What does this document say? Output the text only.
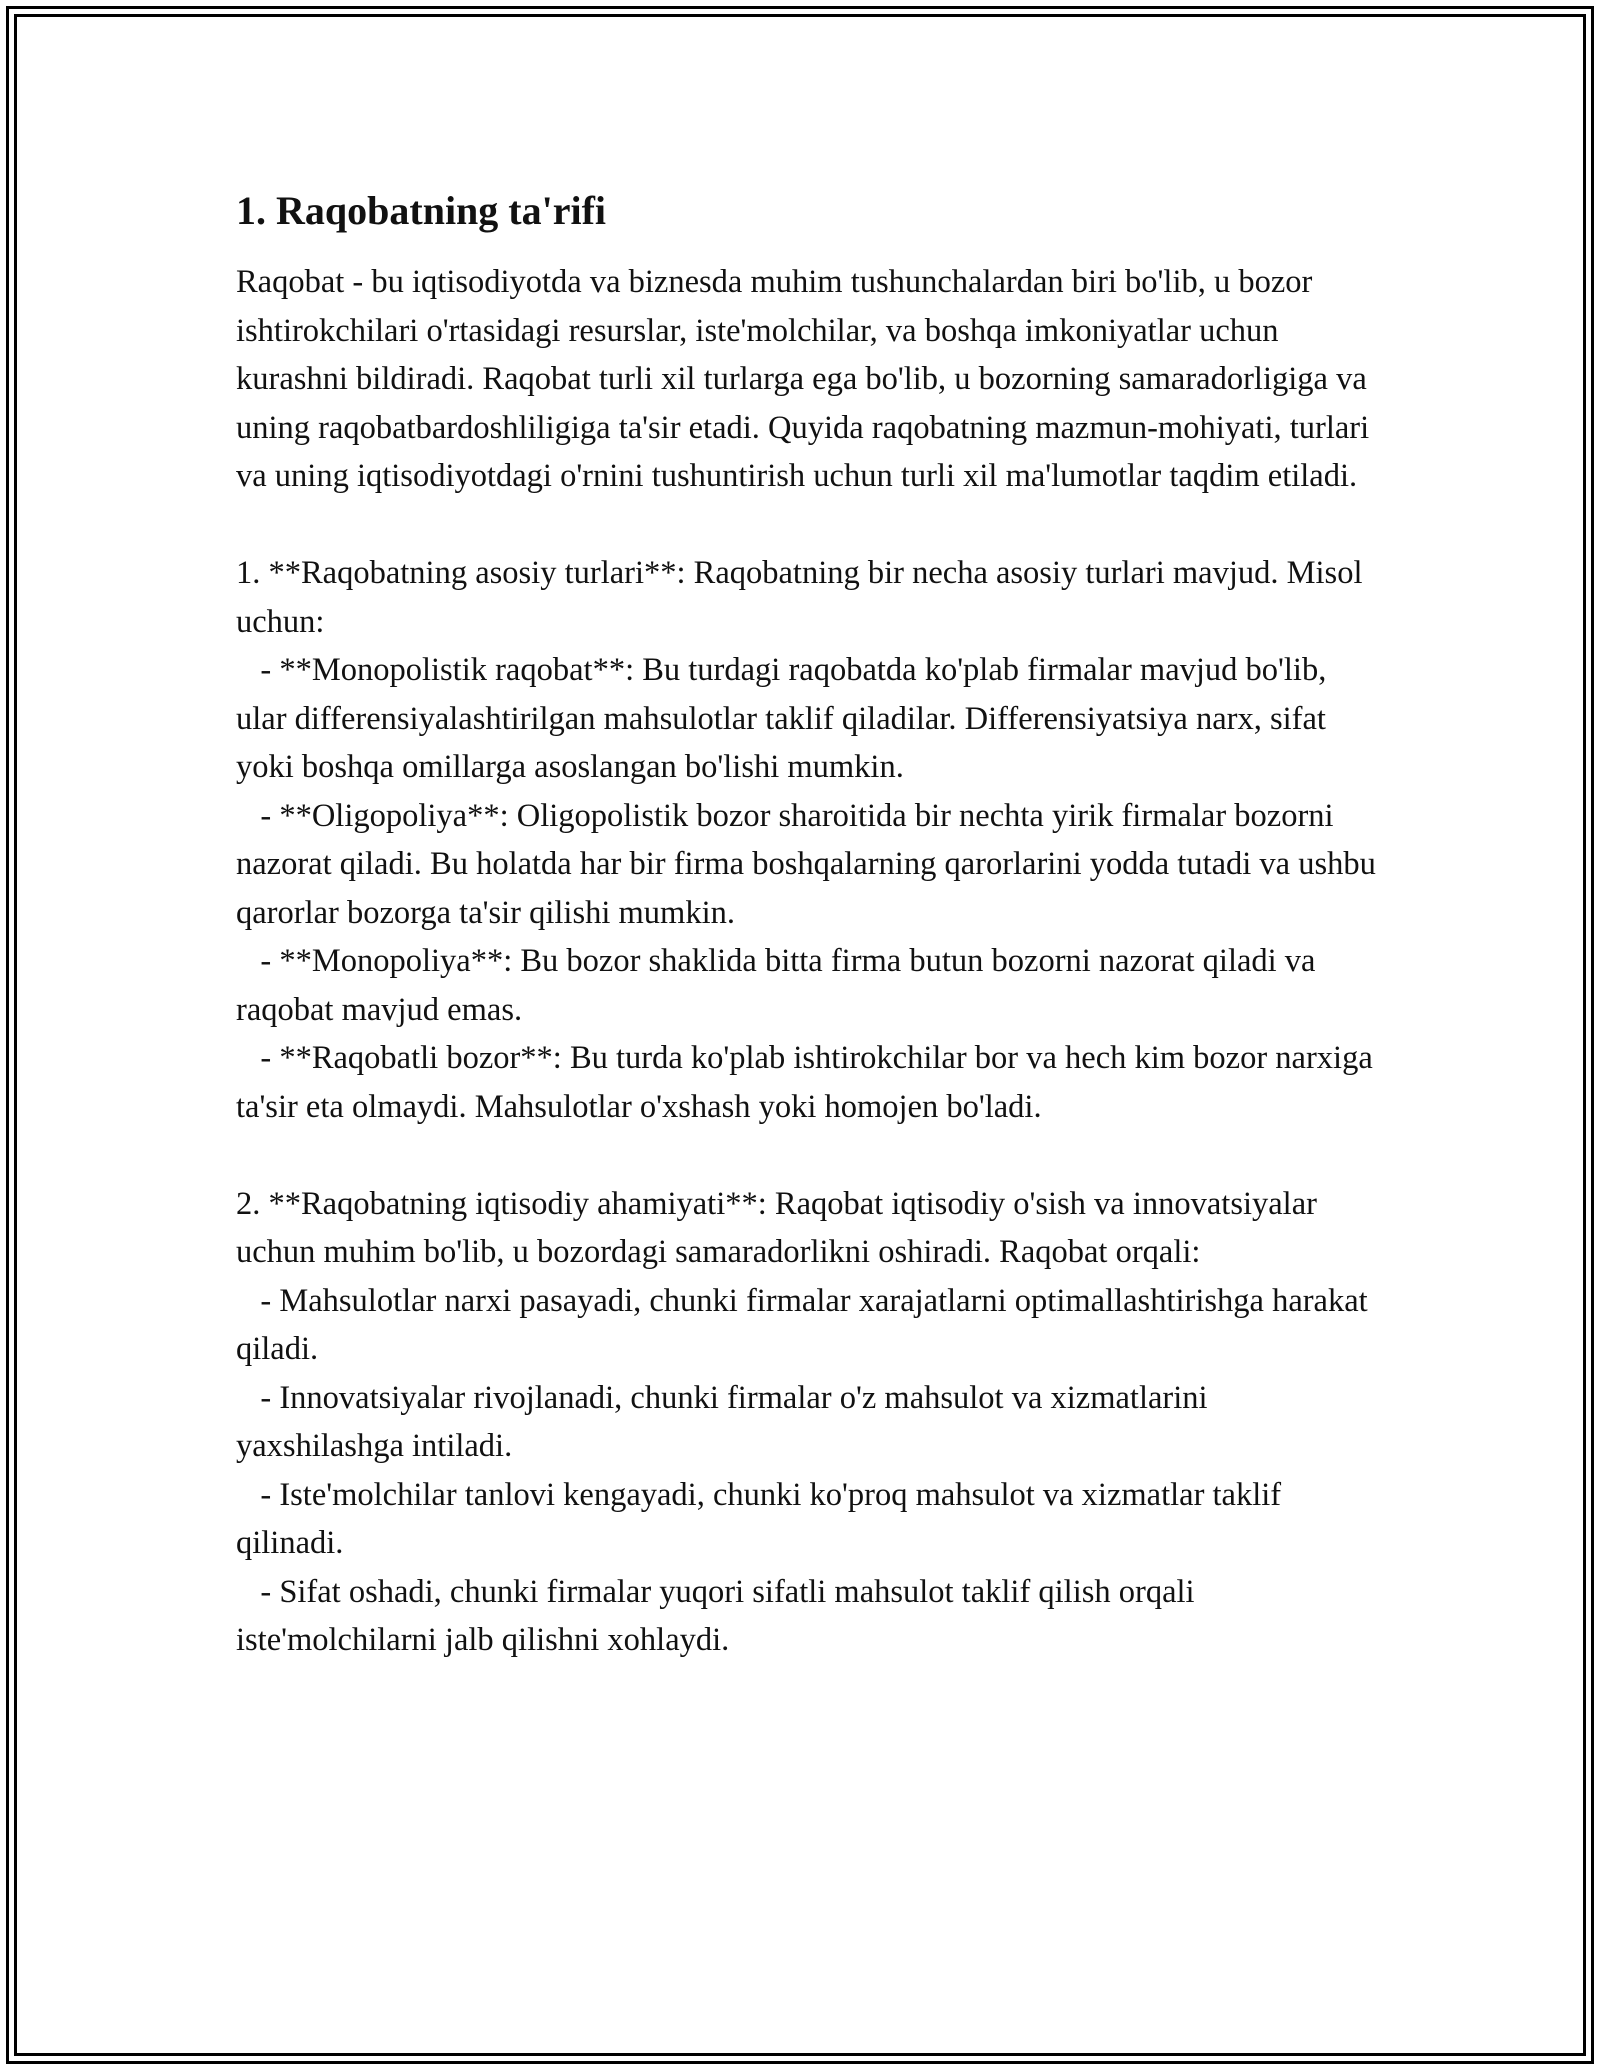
1. Raqobatning ta'rifi

Raqobat - bu iqtisodiyotda va biznesda muhim tushunchalardan biri bo'lib, u bozor ishtirokchilari o'rtasidagi resurslar, iste'molchilar, va boshqa imkoniyatlar uchun kurashni bildiradi. Raqobat turli xil turlarga ega bo'lib, u bozorning samaradorligiga va uning raqobatbardoshliligiga ta'sir etadi. Quyida raqobatning mazmun-mohiyati, turlari va uning iqtisodiyotdagi o'rnini tushuntirish uchun turli xil ma'lumotlar taqdim etiladi.

1. **Raqobatning asosiy turlari**: Raqobatning bir necha asosiy turlari mavjud. Misol uchun:

- **Monopolistik raqobat**: Bu turdagi raqobatda ko'plab firmalar mavjud bo'lib, ular differensiyalashtirilgan mahsulotlar taklif qiladilar. Differensiyatsiya narx, sifat yoki boshqa omillarga asoslangan bo'lishi mumkin.

- **Oligopoliya**: Oligopolistik bozor sharoitida bir nechta yirik firmalar bozorni nazorat qiladi. Bu holatda har bir firma boshqalarning qarorlarini yodda tutadi va ushbu qarorlar bozorga ta'sir qilishi mumkin.

- **Monopoliya**: Bu bozor shaklida bitta firma butun bozorni nazorat qiladi va raqobat mavjud emas.

- **Raqobatli bozor**: Bu turda ko'plab ishtirokchilar bor va hech kim bozor narxiga ta'sir eta olmaydi. Mahsulotlar o'xshash yoki homojen bo'ladi.

2. **Raqobatning iqtisodiy ahamiyati**: Raqobat iqtisodiy o'sish va innovatsiyalar uchun muhim bo'lib, u bozordagi samaradorlikni oshiradi. Raqobat orqali:

- Mahsulotlar narxi pasayadi, chunki firmalar xarajatlarni optimallashtirishga harakat qiladi.

- Innovatsiyalar rivojlanadi, chunki firmalar o'z mahsulot va xizmatlarini yaxshilashga intiladi.

- Iste'molchilar tanlovi kengayadi, chunki ko'proq mahsulot va xizmatlar taklif qilinadi.

- Sifat oshadi, chunki firmalar yuqori sifatli mahsulot taklif qilish orqali iste'molchilarni jalb qilishni xohlaydi.
